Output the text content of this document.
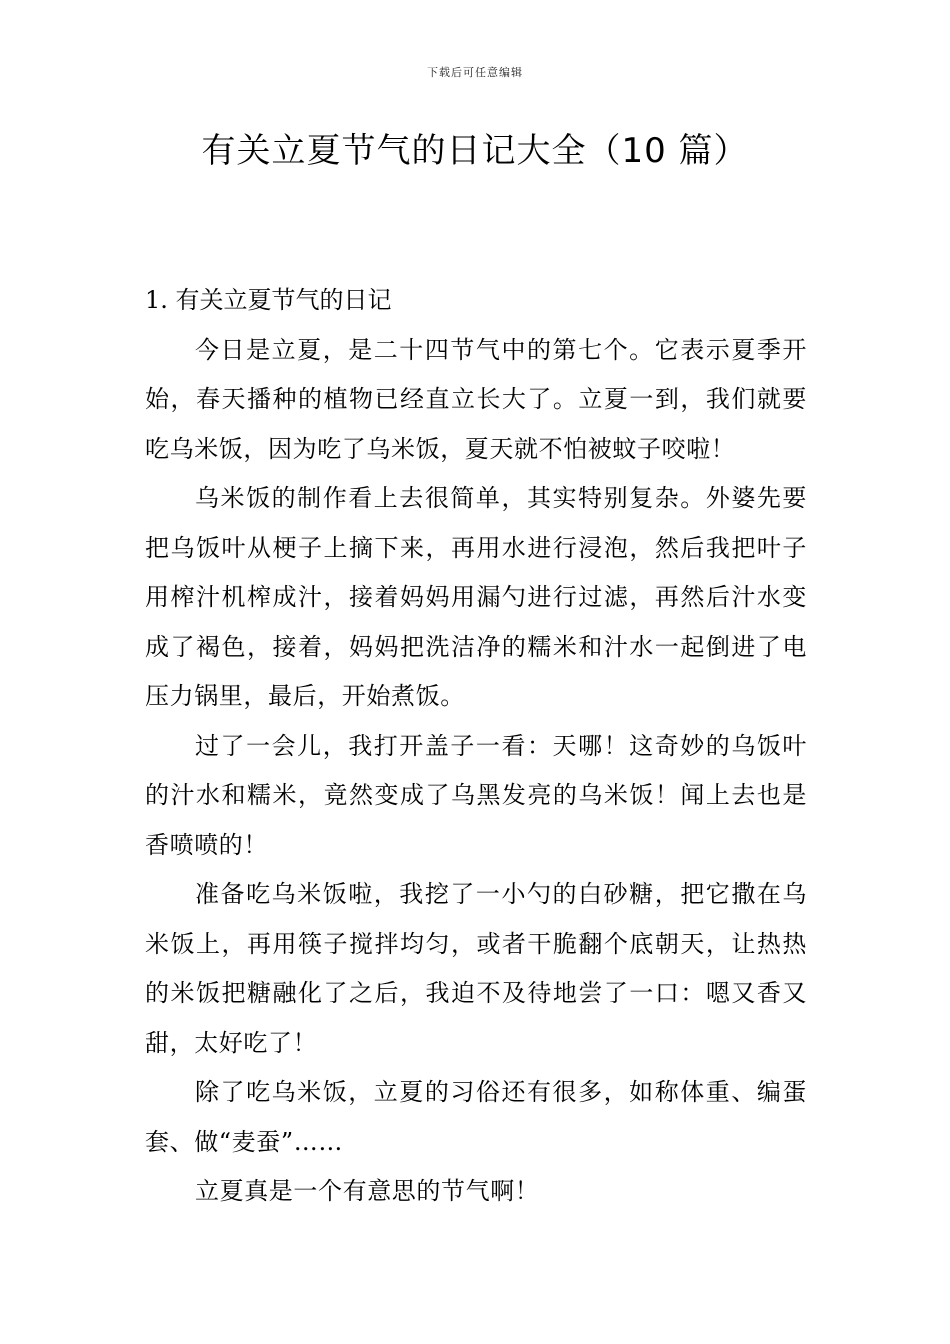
下载后可任意编辑
有关立夏节气的日记大全（10 篇）
1. 有关立夏节气的日记

今日是立夏，是二十四节气中的第七个。它表示夏季开始，春天播种的植物已经直立长大了。立夏一到，我们就要吃乌米饭，因为吃了乌米饭，夏天就不怕被蚊子咬啦！

乌米饭的制作看上去很简单，其实特别复杂。外婆先要把乌饭叶从梗子上摘下来，再用水进行浸泡，然后我把叶子用榨汁机榨成汁，接着妈妈用漏勺进行过滤，再然后汁水变成了褐色，接着，妈妈把洗洁净的糯米和汁水一起倒进了电压力锅里，最后，开始煮饭。

过了一会儿，我打开盖子一看：天哪！这奇妙的乌饭叶的汁水和糯米，竟然变成了乌黑发亮的乌米饭！闻上去也是香喷喷的！

准备吃乌米饭啦，我挖了一小勺的白砂糖，把它撒在乌米饭上，再用筷子搅拌均匀，或者干脆翻个底朝天，让热热的米饭把糖融化了之后，我迫不及待地尝了一口：嗯又香又甜，太好吃了！

除了吃乌米饭，立夏的习俗还有很多，如称体重、编蛋套、做“麦蚕”……

立夏真是一个有意思的节气啊！
